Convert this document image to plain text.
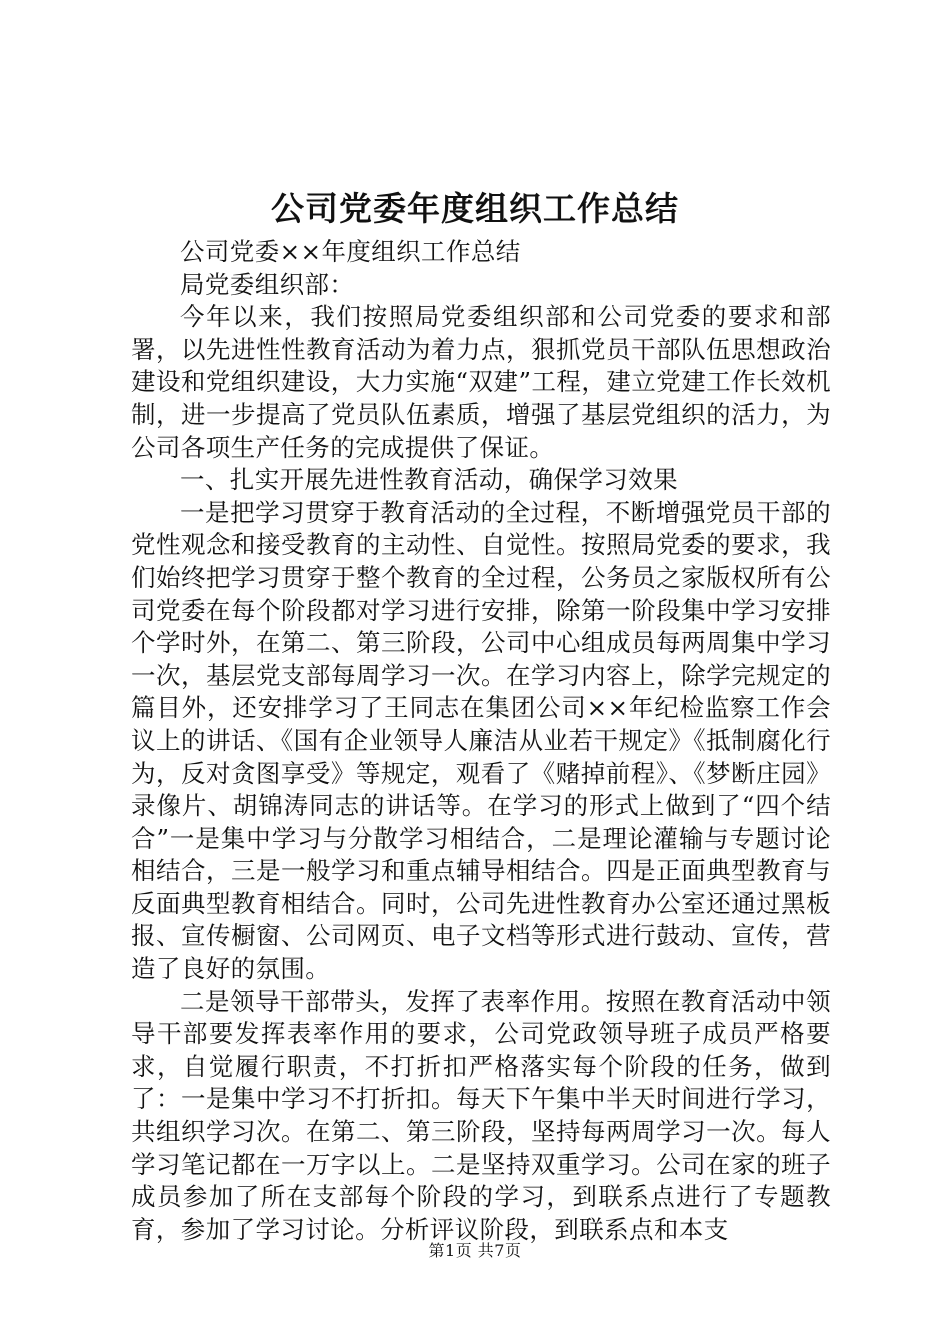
公司党委年度组织工作总结

公司党委××年度组织工作总结

局党委组织部：

今年以来，我们按照局党委组织部和公司党委的要求和部署，以先进性性教育活动为着力点，狠抓党员干部队伍思想政治建设和党组织建设，大力实施“双建”工程，建立党建工作长效机制，进一步提高了党员队伍素质，增强了基层党组织的活力，为公司各项生产任务的完成提供了保证。

一、扎实开展先进性教育活动，确保学习效果

一是把学习贯穿于教育活动的全过程，不断增强党员干部的党性观念和接受教育的主动性、自觉性。按照局党委的要求，我们始终把学习贯穿于整个教育的全过程，公务员之家版权所有公司党委在每个阶段都对学习进行安排，除第一阶段集中学习安排个学时外，在第二、第三阶段，公司中心组成员每两周集中学习一次，基层党支部每周学习一次。在学习内容上，除学完规定的篇目外，还安排学习了王同志在集团公司××年纪检监察工作会议上的讲话、《国有企业领导人廉洁从业若干规定》《抵制腐化行为，反对贪图享受》等规定，观看了《赌掉前程》、《梦断庄园》录像片、胡锦涛同志的讲话等。在学习的形式上做到了“四个结合”一是集中学习与分散学习相结合，二是理论灌输与专题讨论相结合，三是一般学习和重点辅导相结合。四是正面典型教育与反面典型教育相结合。同时，公司先进性教育办公室还通过黑板报、宣传橱窗、公司网页、电子文档等形式进行鼓动、宣传，营造了良好的氛围。

二是领导干部带头，发挥了表率作用。按照在教育活动中领导干部要发挥表率作用的要求，公司党政领导班子成员严格要求，自觉履行职责，不打折扣严格落实每个阶段的任务，做到了：一是集中学习不打折扣。每天下午集中半天时间进行学习，共组织学习次。在第二、第三阶段，坚持每两周学习一次。每人学习笔记都在一万字以上。二是坚持双重学习。公司在家的班子成员参加了所在支部每个阶段的学习，到联系点进行了专题教育，参加了学习讨论。分析评议阶段，到联系点和本支

第1页 共7页
